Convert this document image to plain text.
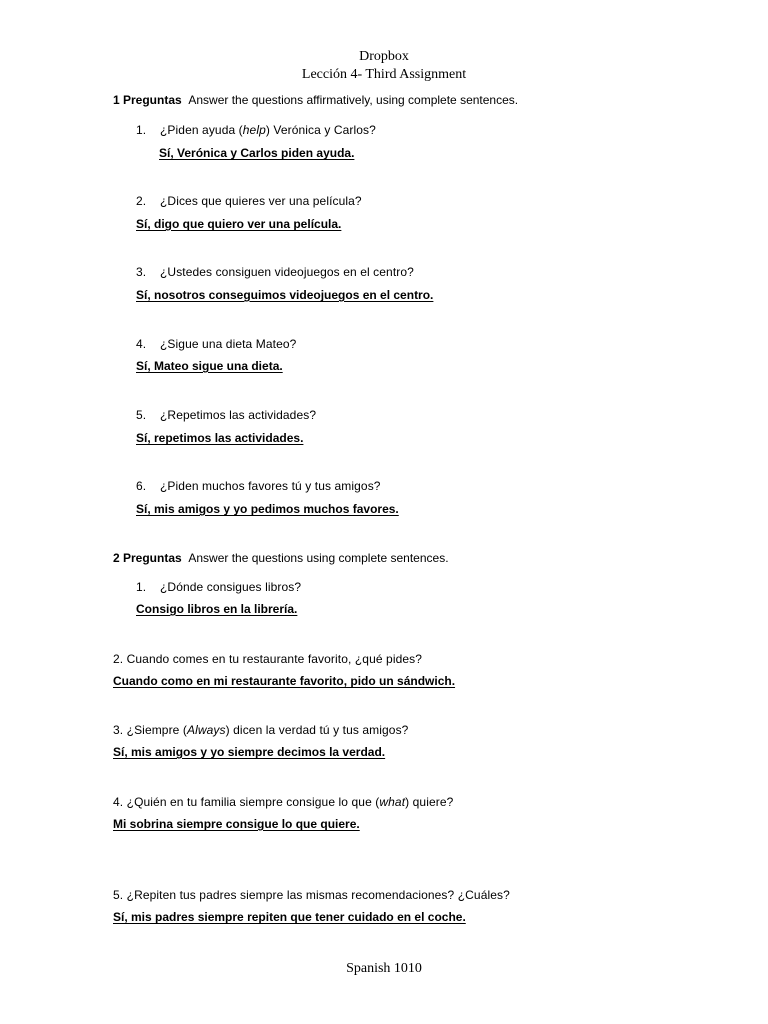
Dropbox
Lección 4- Third Assignment
1 Preguntas Answer the questions affirmatively, using complete sentences.
1. ¿Piden ayuda (help) Verónica y Carlos?
Sí, Verónica y Carlos piden ayuda.
2. ¿Dices que quieres ver una película?
Sí, digo que quiero ver una película.
3. ¿Ustedes consiguen videojuegos en el centro?
Sí, nosotros conseguimos videojuegos en el centro.
4. ¿Sigue una dieta Mateo?
Sí, Mateo sigue una dieta.
5. ¿Repetimos las actividades?
Sí, repetimos las actividades.
6. ¿Piden muchos favores tú y tus amigos?
Sí, mis amigos y yo pedimos muchos favores.
2 Preguntas Answer the questions using complete sentences.
1. ¿Dónde consigues libros?
Consigo libros en la librería.
2. Cuando comes en tu restaurante favorito, ¿qué pides?
Cuando como en mi restaurante favorito, pido un sándwich.
3. ¿Siempre (Always) dicen la verdad tú y tus amigos?
Sí, mis amigos y yo siempre decimos la verdad.
4. ¿Quién en tu familia siempre consigue lo que (what) quiere?
Mi sobrina siempre consigue lo que quiere.
5. ¿Repiten tus padres siempre las mismas recomendaciones? ¿Cuáles?
Sí, mis padres siempre repiten que tener cuidado en el coche.
Spanish 1010
